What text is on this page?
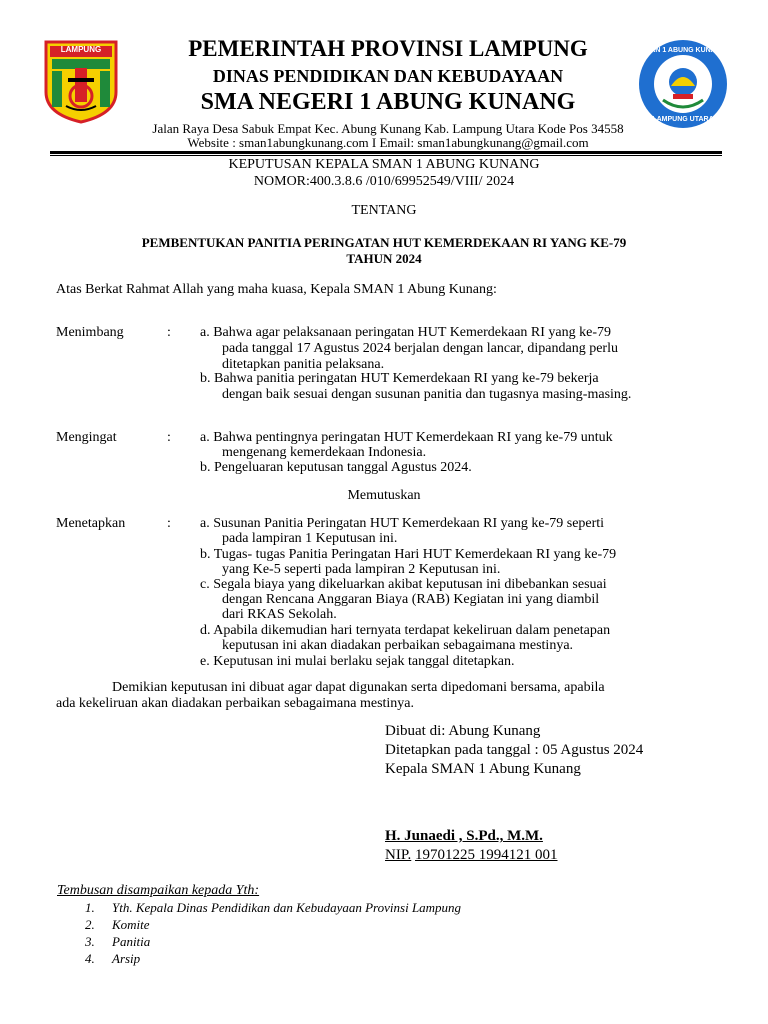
LAMPUNG	SMAN 1 ABUNG KUNANG
LAMPUNG UTARA
PEMERINTAH PROVINSI LAMPUNG
DINAS PENDIDIKAN DAN KEBUDAYAAN
SMA NEGERI 1 ABUNG KUNANG
Jalan Raya Desa Sabuk Empat Kec. Abung Kunang Kab. Lampung Utara Kode Pos 34558
Website : sman1abungkunang.com I Email: sman1abungkunang@gmail.com
KEPUTUSAN KEPALA SMAN 1 ABUNG KUNANG
NOMOR:400.3.8.6 /010/69952549/VIII/ 2024
TENTANG
PEMBENTUKAN PANITIA PERINGATAN HUT KEMERDEKAAN RI YANG KE-79
TAHUN 2024
Atas Berkat Rahmat Allah yang maha kuasa, Kepala SMAN 1 Abung Kunang:
Menimbang	: a. Bahwa agar pelaksanaan peringatan HUT Kemerdekaan RI yang ke-79
pada tanggal 17 Agustus 2024 berjalan dengan lancar, dipandang perlu
ditetapkan panitia pelaksana.
b. Bahwa panitia peringatan HUT Kemerdekaan RI yang ke-79 bekerja
dengan baik sesuai dengan susunan panitia dan tugasnya masing-masing.
Mengingat	: a. Bahwa pentingnya peringatan HUT Kemerdekaan RI yang ke-79 untuk
mengenang kemerdekaan Indonesia.
b. Pengeluaran keputusan tanggal Agustus 2024.
Memutuskan
Menetapkan	: a. Susunan Panitia Peringatan HUT Kemerdekaan RI yang ke-79 seperti
pada lampiran 1 Keputusan ini.
b. Tugas- tugas Panitia Peringatan Hari HUT Kemerdekaan RI yang ke-79
yang Ke-5 seperti pada lampiran 2 Keputusan ini.
c. Segala biaya yang dikeluarkan akibat keputusan ini dibebankan sesuai
dengan Rencana Anggaran Biaya (RAB) Kegiatan ini yang diambil
dari RKAS Sekolah.
d. Apabila dikemudian hari ternyata terdapat kekeliruan dalam penetapan
keputusan ini akan diadakan perbaikan sebagaimana mestinya.
e. Keputusan ini mulai berlaku sejak tanggal ditetapkan.
Demikian keputusan ini dibuat agar dapat digunakan serta dipedomani bersama, apabila
ada kekeliruan akan diadakan perbaikan sebagaimana mestinya.
Dibuat di: Abung Kunang
Ditetapkan pada tanggal : 05 Agustus 2024
Kepala SMAN 1 Abung Kunang
H. Junaedi , S.Pd., M.M.
NIP. 19701225 1994121 001
Tembusan disampaikan kepada Yth:
1. Yth. Kepala Dinas Pendidikan dan Kebudayaan Provinsi Lampung
2. Komite
3. Panitia
4. Arsip
